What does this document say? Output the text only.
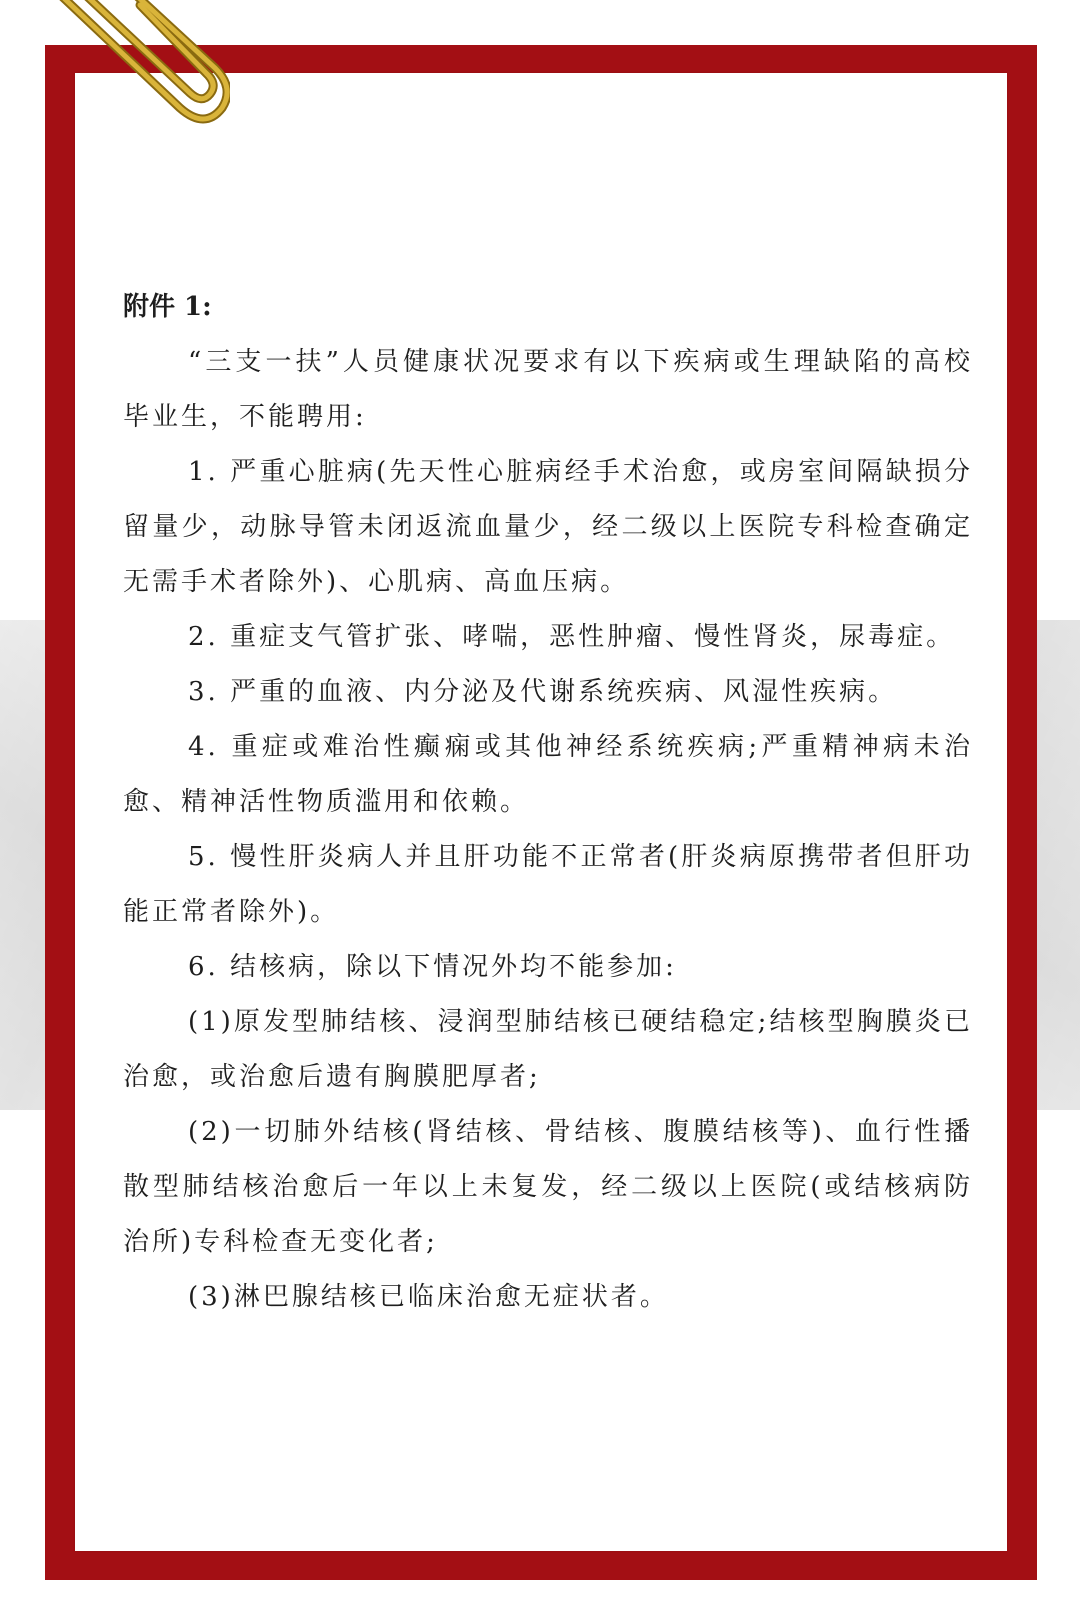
附件 1:

“三支一扶”人员健康状况要求有以下疾病或生理缺陷的高校毕业生，不能聘用:

1. 严重心脏病(先天性心脏病经手术治愈，或房室间隔缺损分留量少，动脉导管未闭返流血量少，经二级以上医院专科检查确定无需手术者除外)、心肌病、高血压病。

2. 重症支气管扩张、哮喘，恶性肿瘤、慢性肾炎，尿毒症。

3. 严重的血液、内分泌及代谢系统疾病、风湿性疾病。

4. 重症或难治性癫痫或其他神经系统疾病;严重精神病未治愈、精神活性物质滥用和依赖。

5. 慢性肝炎病人并且肝功能不正常者(肝炎病原携带者但肝功能正常者除外)。

6. 结核病，除以下情况外均不能参加:

(1)原发型肺结核、浸润型肺结核已硬结稳定;结核型胸膜炎已治愈，或治愈后遗有胸膜肥厚者;

(2)一切肺外结核(肾结核、骨结核、腹膜结核等)、血行性播散型肺结核治愈后一年以上未复发，经二级以上医院(或结核病防治所)专科检查无变化者;

(3)淋巴腺结核已临床治愈无症状者。
